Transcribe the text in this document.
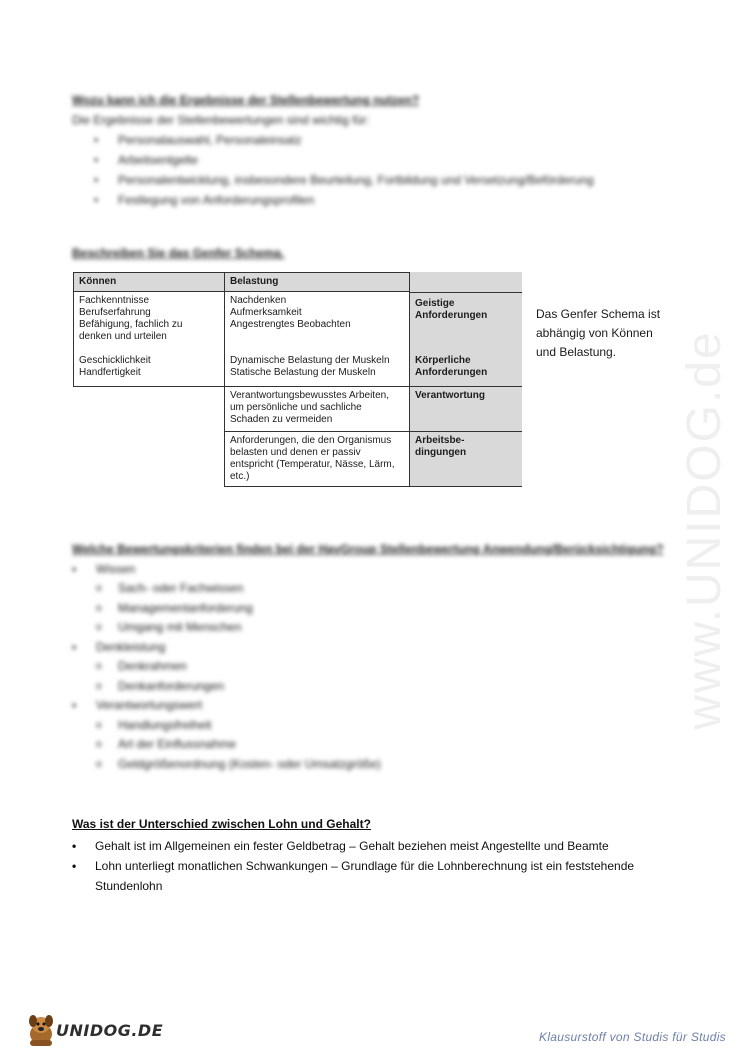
www.UNIDOG.de
Wozu kann ich die Ergebnisse der Stellenbewertung nutzen?
Die Ergebnisse der Stellenbewertungen sind wichtig für:
• Personalauswahl, Personaleinsatz
• Arbeitsentgelte
• Personalentwicklung, insbesondere Beurteilung, Fortbildung und Versetzung/Beförderung
• Festlegung von Anforderungsprofilen
Beschreiben Sie das Genfer Schema.
Können	Belastung
Fachkenntnisse
Berufserfahrung
Befähigung, fachlich zu
denken und urteilen
Nachdenken
Aufmerksamkeit
Angestrengtes Beobachten
Geistige
Anforderungen
Geschicklichkeit
Handfertigkeit
Dynamische Belastung der Muskeln
Statische Belastung der Muskeln
Körperliche
Anforderungen
Verantwortungsbewusstes Arbeiten,
um persönliche und sachliche
Schaden zu vermeiden
Verantwortung
Anforderungen, die den Organismus
belasten und denen er passiv
entspricht (Temperatur, Nässe, Lärm,
etc.)
Arbeitsbe-
dingungen
Das Genfer Schema ist abhängig von Können und Belastung.
Welche Bewertungskriterien finden bei der HayGroup Stellenbewertung Anwendung/Berücksichtigung?
▪ Wissen
o Sach- oder Fachwissen
o Managementanforderung
o Umgang mit Menschen
▪ Denkleistung
o Denkrahmen
o Denkanforderungen
▪ Verantwortungswert
o Handlungsfreiheit
o Art der Einflussnahme
o Geldgrößenordnung (Kosten- oder Umsatzgröße)
Was ist der Unterschied zwischen Lohn und Gehalt?
• Gehalt ist im Allgemeinen ein fester Geldbetrag – Gehalt beziehen meist Angestellte und Beamte
• Lohn unterliegt monatlichen Schwankungen – Grundlage für die Lohnberechnung ist ein feststehende Stundenlohn
UNIDOG.DE	Klausurstoff von Studis für Studis
